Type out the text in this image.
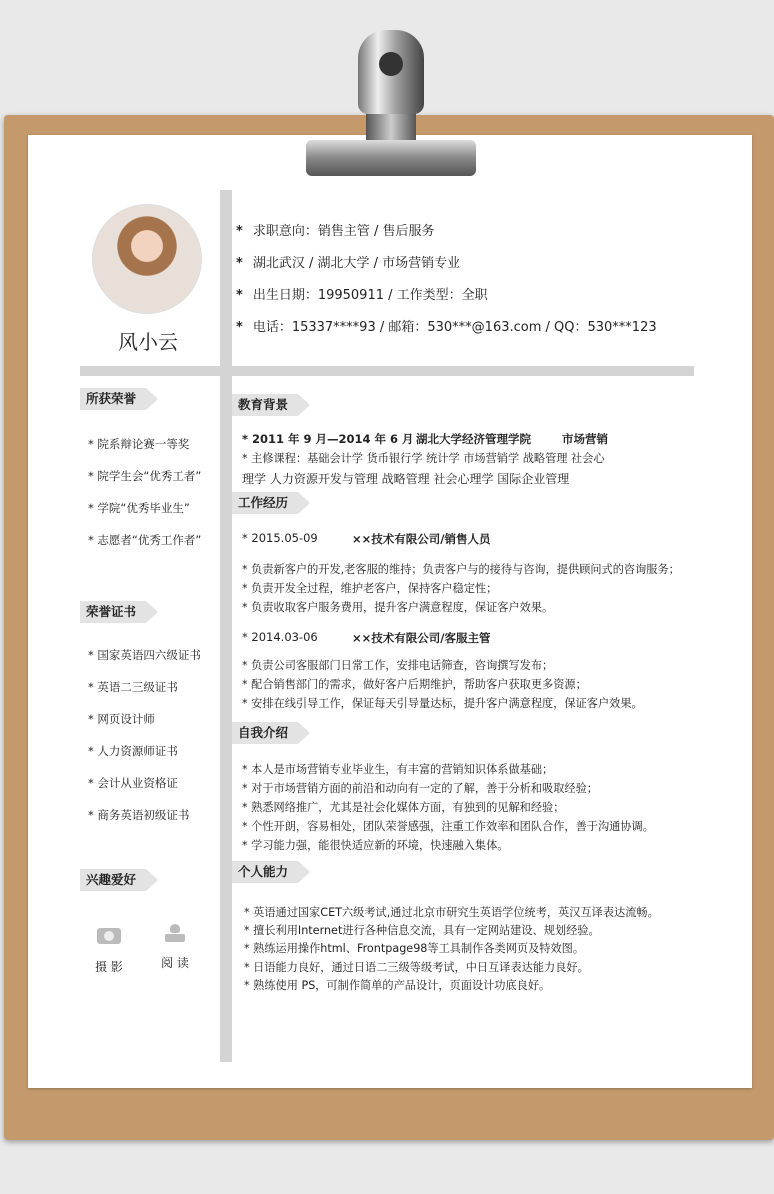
风小云
* 求职意向：销售主管 / 售后服务
* 湖北武汉 / 湖北大学 / 市场营销专业
* 出生日期：19950911 / 工作类型：全职
* 电话：15337****93 / 邮箱：530***@163.com / QQ：530***123
所获荣誉
* 院系辩论赛一等奖
* 院学生会“优秀工者”
* 学院“优秀毕业生”
* 志愿者“优秀工作者”
荣誉证书
* 国家英语四六级证书
* 英语二三级证书
* 网页设计师
* 人力资源师证书
* 会计从业资格证
* 商务英语初级证书
兴趣爱好
摄 影	阅 读
教育背景
* 2011 年 9 月—2014 年 6 月 湖北大学经济管理学院	市场营销
* 主修课程：基础会计学 货币银行学 统计学 市场营销学 战略管理 社会心
理学 人力资源开发与管理 战略管理 社会心理学 国际企业管理
工作经历
* 2015.05-09	××技术有限公司/销售人员
* 负责新客户的开发,老客服的维持；负责客户与的接待与咨询，提供顾问式的咨询服务；
* 负责开发全过程，维护老客户，保持客户稳定性；
* 负责收取客户服务费用，提升客户满意程度，保证客户效果。
* 2014.03-06	××技术有限公司/客服主管
* 负责公司客服部门日常工作，安排电话筛查，咨询撰写发布；
* 配合销售部门的需求，做好客户后期维护，帮助客户获取更多资源；
* 安排在线引导工作，保证每天引导量达标，提升客户满意程度，保证客户效果。
自我介绍
* 本人是市场营销专业毕业生，有丰富的营销知识体系做基础；
* 对于市场营销方面的前沿和动向有一定的了解，善于分析和吸取经验；
* 熟悉网络推广，尤其是社会化媒体方面，有独到的见解和经验；
* 个性开朗，容易相处，团队荣誉感强，注重工作效率和团队合作，善于沟通协调。
* 学习能力强，能很快适应新的环境，快速融入集体。
个人能力
* 英语通过国家CET六级考试,通过北京市研究生英语学位统考，英汉互译表达流畅。
* 擅长利用Internet进行各种信息交流，具有一定网站建设、规划经验。
* 熟练运用操作html、Frontpage98等工具制作各类网页及特效图。
* 日语能力良好，通过日语二三级等级考试，中日互译表达能力良好。
* 熟练使用 PS，可制作简单的产品设计，页面设计功底良好。
